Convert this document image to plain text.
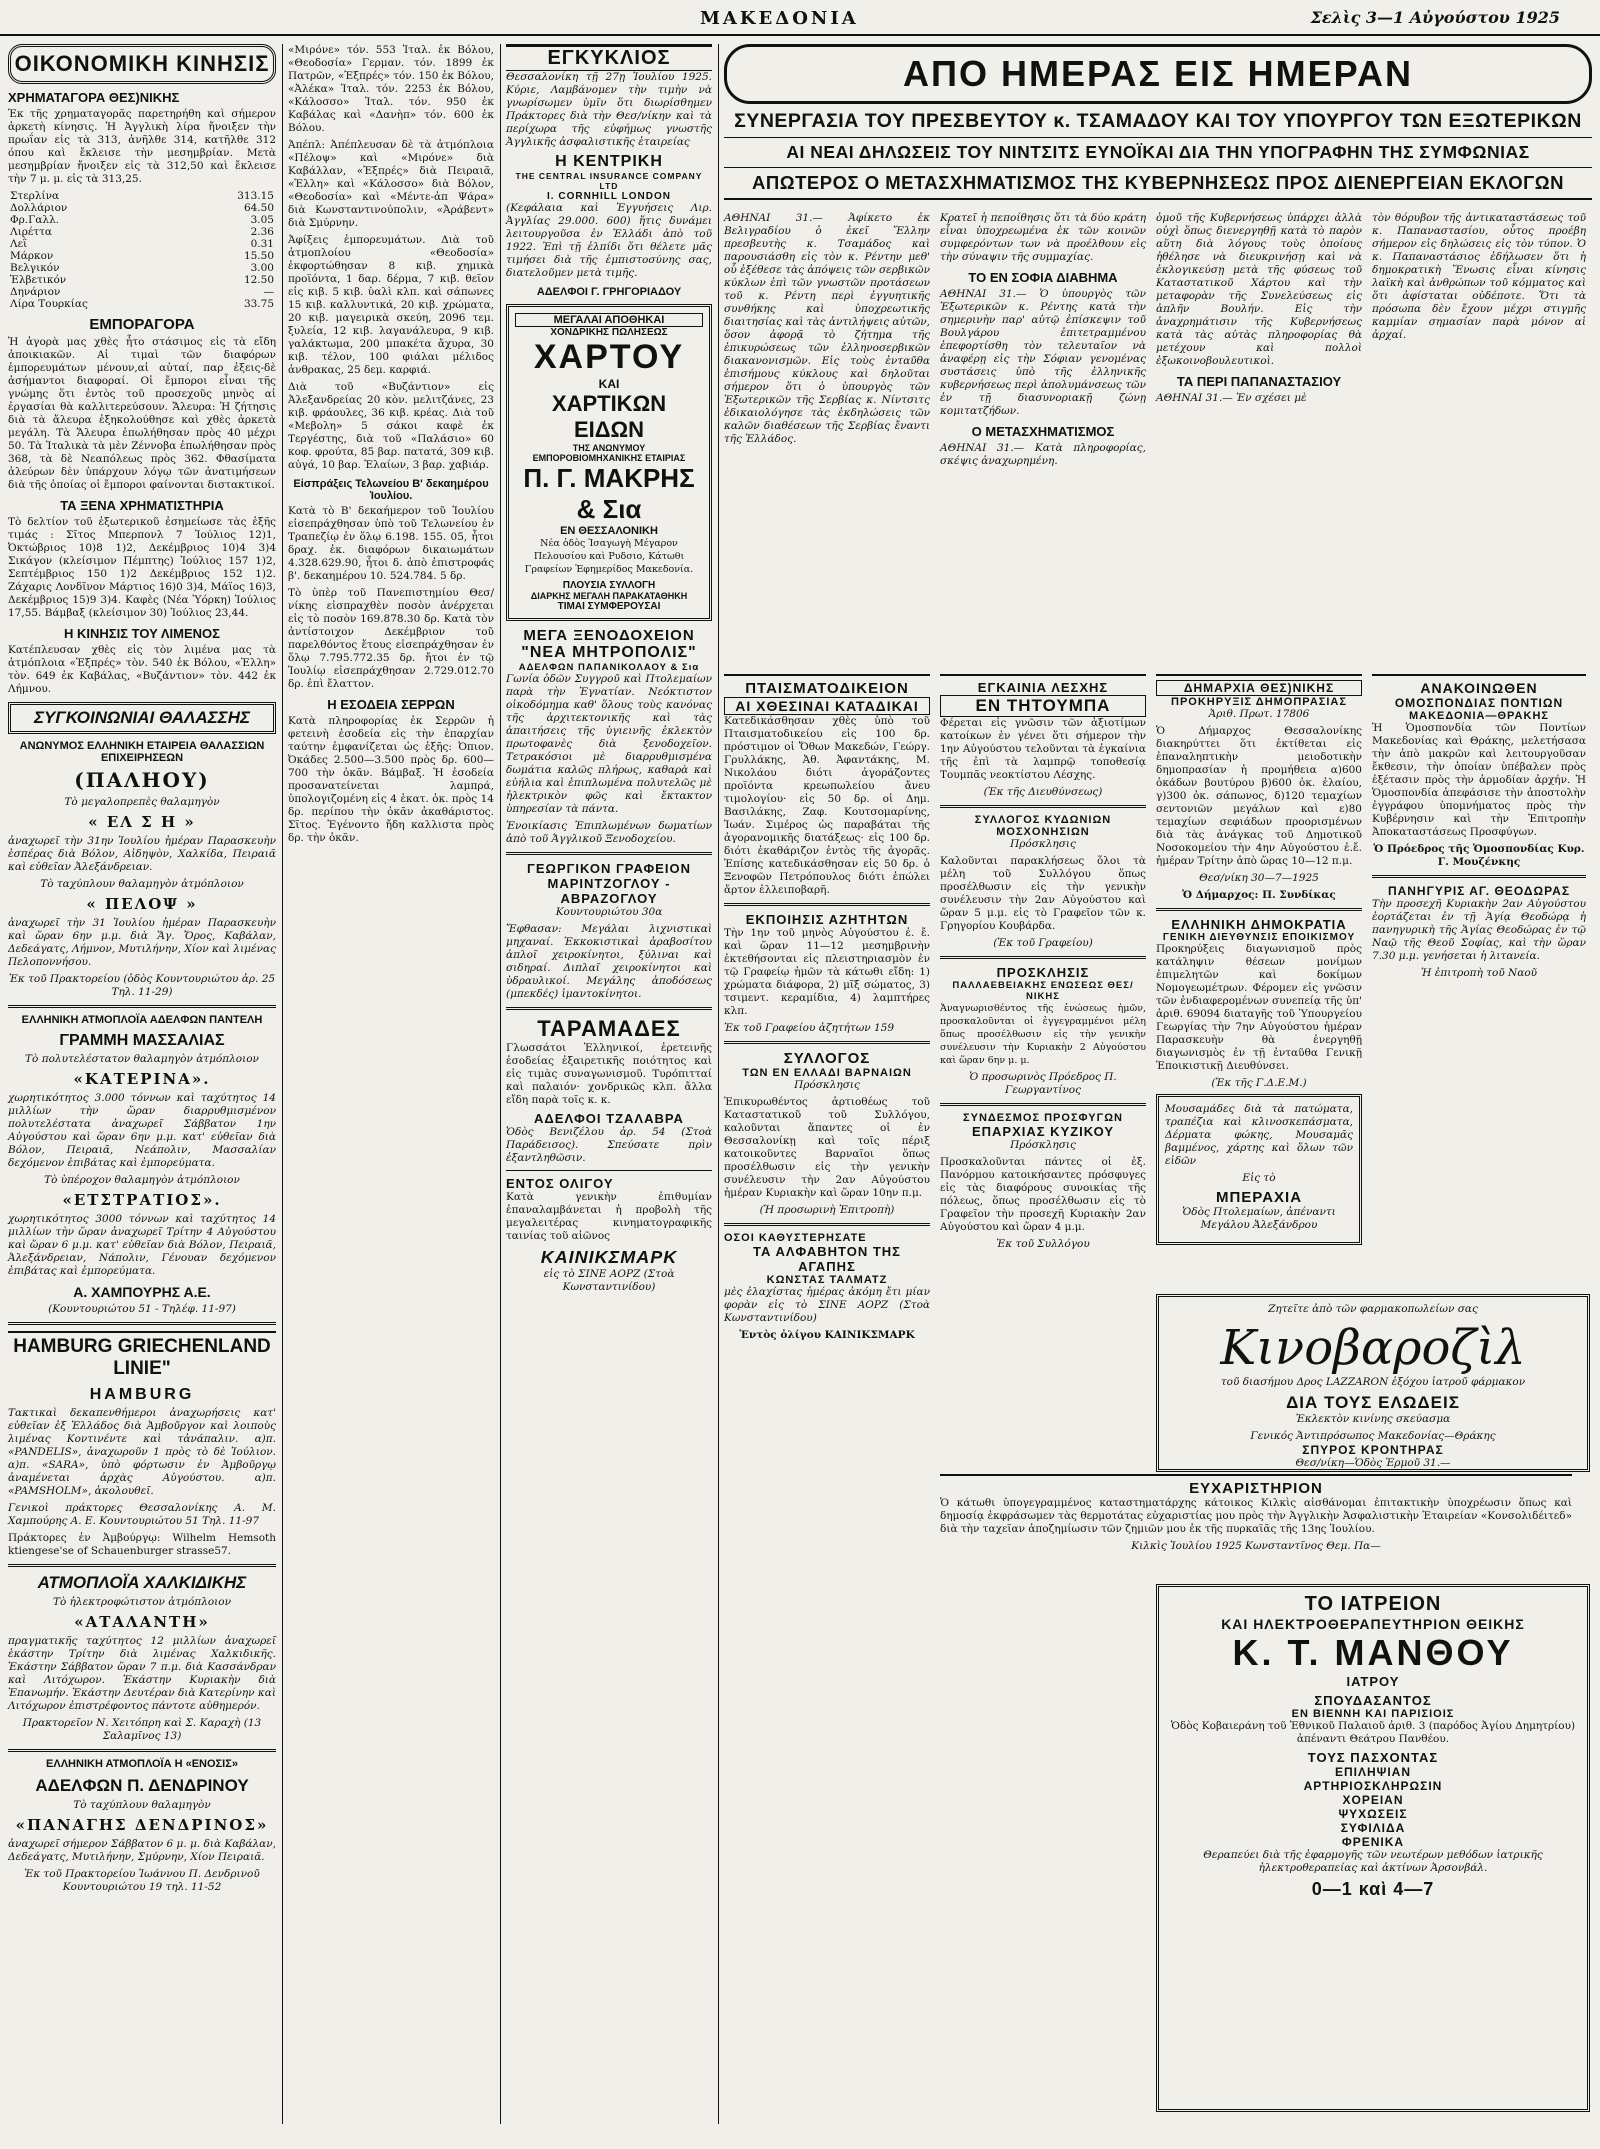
ΜΑΚΕΔΟΝΙΑ	Σελὶς 3—1 Αὐγούστου 1925
ΟΙΚΟΝΟΜΙΚΗ ΚΙΝΗΣΙΣ
ΧΡΗΜΑΤΑΓΟΡΑ ΘΕΣ)ΝΙΚΗΣ

Ἐκ τῆς χρηματαγορᾶς παρετηρήθη καὶ σήμερον ἀρκετὴ κίνησις. Ἡ Ἀγγλικὴ λίρα ἤνοιξεν τὴν πρωΐαν εἰς τὰ 313, ἀνῆλθε 314, κατῆλθε 312 όπου καὶ ἔκλεισε τὴν μεσημβρίαν. Μετὰ μεσημβρίαν ἤνοιξεν εἰς τὰ 312,50 καὶ ἔκλεισε τὴν 7 μ. μ. εἰς τὰ 313,25.

Στερλίνα	313.15
Δολλάριον	64.50
Φρ.Γαλλ.	3.05
Λιρέττα	2.36
Λεῒ	0.31
Μάρκον	15.50
Βελγικόν	3.00
Ἑλβετικόν	12.50
Δηνάριον	—
Λίρα Τουρκίας	33.75
ΕΜΠΟΡΑΓΟΡΑ

Ἡ ἀγορὰ μας χθὲς ἦτο στάσιμος εἰς τὰ εἴδη ἀποικιακῶν. Αἱ τιμαὶ τῶν διαφόρων ἐμπορευμάτων μένουν,αἱ αὐταί, παρ ἐξεις-δὲ ἀσήμαντοι διαφοραί. Οἱ ἔμποροι εἶναι τῆς γνώμης ὅτι ἐντὸς τοῦ προσεχοῦς μηνὸς αἱ ἐργασίαι θὰ καλλιτερεύσουν. Ἄλευρα: Ἡ ζήτησις διὰ τὰ ἄλευρα ἐξηκολούθησε καὶ χθὲς ἀρκετὰ μεγάλη. Τὰ Ἄλευρα ἐπωλήθησαν πρὸς 40 μέχρι 50. Τὰ Ἰταλικὰ τὰ μὲν Ζέννοβα ἐπωλήθησαν πρὸς 368, τὰ δὲ Νεαπόλεως πρὸς 362. Φθασίματα ἀλεύρων δὲν ὑπάρχουν λόγῳ τῶν ἀνατιμήσεων διὰ τῆς ὁποίας οἱ ἔμποροι φαίνονται διστακτικοί.

ΤΑ ΞΕΝΑ ΧΡΗΜΑΤΙΣΤΗΡΙΑ

Τὸ δελτίον τοῦ ἐξωτερικοῦ ἐσημείωσε τὰς ἑξῆς τιμάς : Σῖτος Μπερπονλ 7 Ἰούλιος 12)1, Ὀκτώβριος 10)8 1)2, Δεκέμβριος 10)4 3)4 Σικάγον (κλείσιμον Πέμπτης) Ἰούλιος 157 1)2, Σεπτέμβριος 150 1)2 Δεκέμβριος 152 1)2. Ζάχαρις Λονδῖνον Μάρτιος 16)0 3)4, Μάϊος 16)3, Δεκέμβριος 15)9 3)4. Καφὲς (Νέα Ὑόρκη) Ἰούλιος 17,55. Βάμβαξ (κλείσιμον 30) Ἰούλιος 23,44.

Η ΚΙΝΗΣΙΣ ΤΟΥ ΛΙΜΕΝΟΣ

Κατέπλευσαν χθὲς εἰς τὸν λιμένα μας τὰ ἀτμόπλοια «Ἐξπρές» τὸν. 540 ἐκ Βόλου, «Ἑλλη» τὸν. 649 ἐκ Καβάλας, «Βυζάντιον» τὸν. 442 ἐκ Λήμνου.

ΣΥΓΚΟΙΝΩΝΙΑΙ ΘΑΛΑΣΣΗΣ
ΑΝΩΝΥΜΟΣ ΕΛΛΗΝΙΚΗ ΕΤΑΙΡΕΙΑ ΘΑΛΑΣΣΙΩΝ ΕΠΙΧΕΙΡΗΣΕΩΝ
(ΠΑΛΗΟΥ)

Τὸ μεγαλοπρεπὲς θαλαμηγὸν

« ΕΛ Σ Η »

ἀναχωρεῖ τὴν 31ην Ἰουλίου ἡμέραν Παρασκευὴν ἑσπέρας διὰ Βόλον, Αἰδηψὸν, Χαλκίδα, Πειραιᾶ καὶ εὐθεῖαν Ἀλεξάνδρειαν.

Τὸ ταχύπλουν θαλαμηγὸν ἀτμόπλοιον

« ΠΕΛΟΨ »

ἀναχωρεῖ τὴν 31 Ἰουλίου ἡμέραν Παρασκευὴν καὶ ὥραν 6ην μ.μ. διὰ Ἅγ. Ὄρος, Καβάλαν, Δεδεάγατς, Λήμνον, Μυτιλήνην, Χίον καὶ λιμένας Πελοποννήσου.

Ἐκ τοῦ Πρακτορείου (ὁδὸς Κουντουριώτου ἀρ. 25 Τηλ. 11-29)

ΕΛΛΗΝΙΚΗ ΑΤΜΟΠΛΟΪΑ ΑΔΕΛΦΩΝ ΠΑΝΤΕΛΗ
ΓΡΑΜΜΗ ΜΑΣΣΑΛΙΑΣ

Τὸ πολυτελέστατον θαλαμηγὸν ἀτμόπλοιον

«ΚΑΤΕΡΙΝΑ».

χωρητικότητος 3.000 τόννων καὶ ταχύτητος 14 μιλλίων τὴν ὥραν διαρρυθμισμένον πολυτελέστατα ἀναχωρεῖ Σάββατον 1ην Αὐγούστου καὶ ὥραν 6ην μ.μ. κατ' εὐθεῖαν διὰ Βόλον, Πειραιᾶ, Νεάπολιν, Μασσαλίαν δεχόμενον ἐπιβάτας καὶ ἐμπορεύματα.

Τὸ ὑπέροχον θαλαμηγὸν ἀτμόπλοιον

«ΕΤΣΤΡΑΤΙΟΣ».

χωρητικότητος 3000 τόννων καὶ ταχύτητος 14 μιλλίων τὴν ὥραν ἀναχωρεῖ Τρίτην 4 Αὐγούστου καὶ ὥραν 6 μ.μ. κατ' εὐθεῖαν διὰ Βόλον, Πειραιᾶ, Ἀλεξάνδρειαν, Νάπολιν, Γένουαν δεχόμενον ἐπιβάτας καὶ ἐμπορεύματα.

Α. ΧΑΜΠΟΥΡΗΣ Α.Ε.

(Κουντουριώτου 51 - Τηλέφ. 11-97)

HAMBURG GRIECHENLAND LINIE"
HAMBURG

Τακτικαὶ δεκαπενθήμεροι ἀναχωρήσεις κατ' εὐθεῖαν ἐξ Ἑλλάδος διὰ Ἀμβοῦργον καὶ λοιποὺς λιμένας Κοντινέντε καὶ τἀνάπαλιν. α)π. «PANDELIS», ἀναχωροῦν 1 πρὸς τὸ δὲ Ἰούλιον. α)π. «SARA», ὑπὸ φόρτωσιν ἐν Ἀμβοῦργῳ ἀναμένεται ἀρχὰς Αὐγούστου. α)π. «PAMSHOLM», ἀκολουθεῖ.

Γενικοὶ πράκτορες Θεσσαλονίκης Α. Μ. Χαμπούρης Α. Ε. Κουντουριώτου 51 Τηλ. 11-97

Πράκτορες ἐν Ἀμβούργῳ: Wilhelm Hemsoth ktiengese'se of Schauenburger strasse57.

ΑΤΜΟΠΛΟΪΑ ΧΑΛΚΙΔΙΚΗΣ

Τὸ ἠλεκτροφώτιστον ἀτμόπλοιον

«ΑΤΑΛΑΝΤΗ»

πραγματικῆς ταχύτητος 12 μιλλίων ἀναχωρεῖ ἑκάστην Τρίτην διὰ λιμένας Χαλκιδικῆς. Ἑκάστην Σάββατον ὥραν 7 π.μ. διὰ Κασσάνδραν καὶ Λιτόχωρον. Ἑκάστην Κυριακὴν διὰ Ἐπανωμήν. Ἑκάστην Δευτέραν διὰ Κατερίνην καὶ Λιτόχωρον ἐπιστρέφοντος πάντοτε αὐθημερόν.

Πρακτορεῖον Ν. Χειτόπρη καὶ Σ. Καραχὴ (13 Σαλαμῖνος 13)

ΕΛΛΗΝΙΚΗ ΑΤΜΟΠΛΟΪΑ Η «ΕΝΟΣΙΣ»
ΑΔΕΛΦΩΝ Π. ΔΕΝΔΡΙΝΟΥ

Τὸ ταχύπλουν θαλαμηγὸν

«ΠΑΝΑΓΗΣ ΔΕΝΔΡΙΝΟΣ»

ἀναχωρεῖ σήμερον Σάββατον 6 μ. μ. διὰ Καβάλαν, Δεδεάγατς, Μυτιλήνην, Σμύρνην, Χίον Πειραιᾶ.

Ἐκ τοῦ Πρακτορείου Ἰωάννου Π. Δενδρινοῦ Κουντουριώτου 19 τηλ. 11-52

«Μιρόνε» τόν. 553 Ἰταλ. ἐκ Βόλου, «Θεοδοσία» Γερμαν. τόν. 1899 ἐκ Πατρῶν, «Ἐξπρές» τόν. 150 ἐκ Βόλου, «Ἀλέκα» Ἰταλ. τόν. 2253 ἐκ Βόλου, «Κάλοσσο» Ἰταλ. τόν. 950 ἐκ Καβάλας καὶ «Δανὴπ» τόν. 600 ἐκ Βόλου.

Ἀπέπλ: Ἀπέπλευσαν δὲ τὰ ἀτμόπλοια «Πέλοψ» καὶ «Μιρόνε» διὰ Καβάλλαν, «Ἐξπρές» διὰ Πειραιᾶ, «Ἑλλη» καὶ «Κάλοσσο» διὰ Βόλον, «Θεοδοσία» καὶ «Μέντε-ἀπ Ψάρα» διὰ Κωνσταντινούπολιν, «Ἀράβεντ» διὰ Σμύρνην.

Ἀφίξεις ἐμπορευμάτων. Διὰ τοῦ ἀτμοπλοίου «Θεοδοσία» ἐκφορτώθησαν 8 κιβ. χημικὰ προϊόντα, 1 δαρ. δέρμα, 7 κιβ. θεῖον εἰς κιβ. 5 κιβ. ὑαλὶ κλπ. καὶ σάπωνες 15 κιβ. καλλυντικά, 20 κιβ. χρώματα, 20 κιβ. μαγειρικὰ σκεύη, 2096 τεμ. ξυλεία, 12 κιβ. λαγανάλευρα, 9 κιβ. γαλάκτωμα, 200 μπακέτα ἄχυρα, 30 κιβ. τέλον, 100 φιάλαι μέλιδος ἀνθρακας, 25 δεμ. καρφιά.

Διὰ τοῦ «Βυζάντιον» εἰς Ἀλεξανδρείας 20 κὸν. μελιτζάνες, 23 κιβ. φράουλες, 36 κιβ. κρέας. Διὰ τοῦ «Μεβολη» 5 σάκοι καφὲ ἐκ Τεργέστης, διὰ τοῦ «Παλάσιο» 60 κοφ. φρούτα, 85 βαρ. πατατά, 309 κιβ. αὐγά, 10 βαρ. Ἐλαίων, 3 βαρ. χαβιάρ.

Εἰσπράξεις Τελωνείου Β' δεκαημέρου Ἰουλίου.

Κατὰ τὸ Β' δεκαήμερον τοῦ Ἰουλίου εἰσεπράχθησαν ὑπὸ τοῦ Τελωνείου ἐν Τραπεζίῳ ἐν ὅλῳ 6.198. 155. 05, ἦτοι δραχ. ἐκ. διαφόρων δικαιωμάτων 4.328.629.90, ἦτοι δ. ἀπὸ ἐπιστροφάς β'. δεκαημέρου 10. 524.784. 5 δρ.

Τὸ ὑπὲρ τοῦ Πανεπιστημίου Θεσ/νίκης εἰσπραχθὲν ποσὸν ἀνέρχεται εἰς τὸ ποσὸν 169.878.30 δρ. Κατὰ τὸν ἀντίστοιχον Δεκέμβριον τοῦ παρελθόντος ἔτους εἰσεπράχθησαν ἐν ὅλῳ 7.795.772.35 δρ. ἤτοι ἐν τῷ Ἰουλίῳ εἰσεπράχθησαν 2.729.012.70 δρ. ἐπὶ ἔλαττον.

Η ΕΣΟΔΕΙΑ ΣΕΡΡΩΝ

Κατὰ πληροφορίας ἐκ Σερρῶν ἡ φετεινὴ ἐσοδεία εἰς τὴν ἐπαρχίαν ταύτην ἐμφανίζεται ὡς ἑξῆς: Ὀπιον. Ὀκάδες 2.500—3.500 πρὸς δρ. 600—700 τὴν ὀκᾶν. Βάμβαξ. Ἡ ἐσοδεία προσανατείνεται λαμπρά, ὑπολογιζομένη εἰς 4 ἑκατ. ὀκ. πρὸς 14 δρ. περίπου τὴν ὀκᾶν ἀκαθάριστος. Σῖτος. Ἐγένοντο ἤδη καλλιστα πρὸς δρ. τὴν ὀκᾶν.

ΕΓΚΥΚΛΙΟΣ

Θεσσαλονίκη τῇ 27ῃ Ἰουλίου 1925. Κύριε, Λαμβάνομεν τὴν τιμὴν νὰ γνωρίσωμεν ὑμῖν ὅτι διωρίσθημεν Πράκτορες διὰ τὴν Θεσ/νίκην καὶ τὰ περίχωρα τῆς εὐφήμως γνωστῆς Ἀγγλικῆς ἀσφαλιστικῆς ἑταιρείας

Η ΚΕΝΤΡΙΚΗ
THE CENTRAL INSURANCE COMPANY LTD
I. CORNHILL LONDON

(Κεφάλαια καὶ Ἐγγυήσεις Λιρ. Ἀγγλίας 29.000. 600) ἥτις δυνάμει λειτουργοῦσα ἐν Ἑλλάδι ἀπὸ τοῦ 1922. Ἐπὶ τῇ ἐλπίδι ὅτι θέλετε μᾶς τιμήσει διὰ τῆς ἐμπιστοσύνης σας, διατελοῦμεν μετὰ τιμῆς.

ΑΔΕΛΦΟΙ Γ. ΓΡΗΓΟΡΙΑΔΟΥ
ΜΕΓΑΛΑΙ ΑΠΟΘΗΚΑΙ
ΧΟΝΔΡΙΚΗΣ ΠΩΛΗΣΕΩΣ
ΧΑΡΤΟΥ
ΚΑΙ
ΧΑΡΤΙΚΩΝ ΕΙΔΩΝ
ΤΗΣ ΑΝΩΝΥΜΟΥ
ΕΜΠΟΡΟΒΙΟΜΗΧΑΝΙΚΗΣ ΕΤΑΙΡΙΑΣ
Π. Γ. ΜΑΚΡΗΣ & Σια
ΕΝ ΘΕΣΣΑΛΟΝΙΚΗ

Νέα ὁδὸς Ἰσαγωγὴ Μέγαρον Πελουσίου καὶ Ρυδσιο, Κάτωθι Γραφείων Ἐφημερίδος Μακεδονία.

ΠΛΟΥΣΙΑ ΣΥΛΛΟΓΗ
ΔΙΑΡΚΗΣ ΜΕΓΑΛΗ ΠΑΡΑΚΑΤΑΘΗΚΗ
ΤΙΜΑΙ ΣΥΜΦΕΡΟΥΣΑΙ
ΜΕΓΑ ΞΕΝΟΔΟΧΕΙΟΝ
"ΝΕΑ ΜΗΤΡΟΠΟΛΙΣ"
ΑΔΕΛΦΩΝ ΠΑΠΑΝΙΚΟΛΑΟΥ & Σια

Γωνία ὁδῶν Συγγροῦ καὶ Πτολεμαίων παρὰ τὴν Ἐγνατίαν. Νεόκτιστον οἰκοδόμημα καθ' ὅλους τοὺς κανόνας τῆς ἀρχιτεκτονικῆς καὶ τὰς ἀπαιτήσεις τῆς ὑγιεινῆς ἐκλεκτὸν πρωτοφανὲς διὰ ξενοδοχεῖον. Τετρακόσιοι μὲ διαρρυθμισμένα δωμάτια καλῶς πλήρως, καθαρὰ καὶ εὐήλια καὶ ἐπιπλωμένα πολυτελῶς μὲ ἠλεκτρικὸν φῶς καὶ ἔκτακτον ὑπηρεσίαν τὰ πάντα.

Ἐνοικίασις Ἐπιπλωμένων δωματίων ἀπὸ τοῦ Ἀγγλικοῦ Ξενοδοχείου.

ΓΕΩΡΓΙΚΟΝ ΓΡΑΦΕΙΟΝ
ΜΑΡΙΝΤΖΟΓΛΟΥ - ΑΒΡΑΖΟΓΛΟΥ

Κουντουριώτου 30α

Ἔφθασαν: Μεγάλαι λιχνιστικαὶ μηχαναί. Ἐκκοκιστικαὶ ἀραβοσίτου ἀπλοῖ χειροκίνητοι, ξύλιναι καὶ σιδηραί. Διπλαῖ χειροκίνητοι καὶ ὑδραυλικοί. Μεγάλης ἀποδόσεως (μπεκδές) ἱμαντοκίνητοι.

ΤΑΡΑΜΑΔΕΣ

Γλωσσάτοι Ἑλληνικοί, ἐρετεινῆς ἐσοδείας ἐξαιρετικῆς ποιότητος καὶ εἰς τιμὰς συναγωνισμοῦ. Τυρόπιτταί καὶ παλαιόν· χονδρικῶς κλπ. ἄλλα εἴδη παρὰ τοῖς κ. κ.

ΑΔΕΛΦΟΙ ΤΖΑΛΑΒΡΑ

Ὁδὸς Βενιζέλου ἀρ. 54 (Στοὰ Παράδεισος). Σπεύσατε πρὶν ἐξαντληθῶσιν.

ΕΝΤΟΣ ΟΛΙΓΟΥ

Κατὰ γενικὴν ἐπιθυμίαν ἐπαναλαμβάνεται ἡ προβολὴ τῆς μεγαλειτέρας κινηματογραφικῆς ταινίας τοῦ αἰῶνος

ΚΑΙΝΙΚΣΜΑΡΚ

εἰς τὸ ΣΙΝΕ ΑΟΡΖ (Στοὰ Κωνσταντινίδου)

ΑΠΟ ΗΜΕΡΑΣ ΕΙΣ ΗΜΕΡΑΝ
ΣΥΝΕΡΓΑΣΙΑ ΤΟΥ ΠΡΕΣΒΕΥΤΟΥ κ. ΤΣΑΜΑΔΟΥ ΚΑΙ ΤΟΥ ΥΠΟΥΡΓΟΥ ΤΩΝ ΕΞΩΤΕΡΙΚΩΝ
ΑΙ ΝΕΑΙ ΔΗΛΩΣΕΙΣ ΤΟΥ ΝΙΝΤΣΙΤΣ ΕΥΝΟΪΚΑΙ ΔΙΑ ΤΗΝ ΥΠΟΓΡΑΦΗΝ ΤΗΣ ΣΥΜΦΩΝΙΑΣ
ΑΠΩΤΕΡΟΣ Ο ΜΕΤΑΣΧΗΜΑΤΙΣΜΟΣ ΤΗΣ ΚΥΒΕΡΝΗΣΕΩΣ ΠΡΟΣ ΔΙΕΝΕΡΓΕΙΑΝ ΕΚΛΟΓΩΝ

ΑΘΗΝΑΙ 31.— Ἀφίκετο ἐκ Βελιγραδίου ὁ ἐκεῖ Ἕλλην πρεσβευτὴς κ. Τσαμάδος καὶ παρουσιάσθη εἰς τὸν κ. Ρέντην μεθ' οὗ ἐξέθεσε τὰς ἀπόψεις τῶν σερβικῶν κύκλων ἐπὶ τῶν γνωστῶν προτάσεων τοῦ κ. Ρέντη περὶ ἐγγυητικῆς συνθήκης καὶ ὑποχρεωτικῆς διαιτησίας καὶ τὰς ἀντιλήψεις αὐτῶν, ὅσον ἀφορᾷ τὸ ζήτημα τῆς ἐπικυρώσεως τῶν ἑλληνοσερβικῶν διακανονισμῶν. Εἰς τοὺς ἐνταῦθα ἐπισήμους κύκλους καὶ δηλοῦται σήμερον ὅτι ὁ ὑπουργὸς τῶν Ἐξωτερικῶν τῆς Σερβίας κ. Νίντσιτς ἐδικαιολόγησε τὰς ἐκδηλώσεις τῶν καλῶν διαθέσεων τῆς Σερβίας ἔναντι τῆς Ἑλλάδος.

Κρατεῖ ἡ πεποίθησις ὅτι τὰ δύο κράτη εἶναι ὑποχρεωμένα ἐκ τῶν κοινῶν συμφερόντων των νὰ προέλθουν εἰς τὴν σύναψιν τῆς συμμαχίας.

ΤΟ ΕΝ ΣΟΦΙΑ ΔΙΑΒΗΜΑ

ΑΘΗΝΑΙ 31.— Ὁ ὑπουργὸς τῶν Ἐξωτερικῶν κ. Ρέντης κατὰ τὴν σημερινὴν παρ' αὐτῷ ἐπίσκεψιν τοῦ Βουλγάρου ἐπιτετραμμένου ἐπεφορτίσθη τὸν τελευταῖον νὰ ἀναφέρῃ εἰς τὴν Σόφιαν γενομένας συστάσεις ὑπὸ τῆς ἑλληνικῆς κυβερνήσεως περὶ ἀπολυμάνσεως τῶν ἐν τῇ διασυνοριακῇ ζώνῃ κομιτατζήδων.

Ο ΜΕΤΑΣΧΗΜΑΤΙΣΜΟΣ

ΑΘΗΝΑΙ 31.— Κατὰ πληροφορίας, σκέψις ἀναχωρημένη.

ὁμοῦ τῆς Κυβερνήσεως ὑπάρχει ἀλλὰ οὐχὶ ὅπως διενεργηθῇ κατὰ τὸ παρὸν αὕτη διὰ λόγους τοὺς ὁποίους ἠθέλησε νὰ διευκρινήσῃ καὶ νὰ ἐκλογικεύσῃ μετὰ τῆς φύσεως τοῦ Καταστατικοῦ Χάρτου καὶ τὴν μεταφορὰν τῆς Συνελεύσεως εἰς ἀπλῆν Βουλήν. Εἰς τὴν ἀναχρημάτισιν τῆς Κυβερνήσεως κατὰ τὰς αὐτὰς πληροφορίας θὰ μετέχουν καὶ πολλοὶ ἐξωκοινοβουλευτικοὶ.

ΤΑ ΠΕΡΙ ΠΑΠΑΝΑΣΤΑΣΙΟΥ

ΑΘΗΝΑΙ 31.— Ἐν σχέσει μὲ

τὸν θόρυβον τῆς ἀντικαταστάσεως τοῦ κ. Παπαναστασίου, οὗτος προέβη σήμερον εἰς δηλώσεις εἰς τὸν τύπον. Ὁ κ. Παπαναστάσιος ἐδήλωσεν ὅτι ἡ δημοκρατικὴ Ἕνωσις εἶναι κίνησις λαϊκὴ καὶ ἀνθρώπων τοῦ κόμματος καὶ ὅτι ἀφίσταται οὐδέποτε. Ὅτι τὰ πρόσωπα δὲν ἔχουν μέχρι στιγμῆς καμμίαν σημασίαν παρὰ μόνον αἱ ἀρχαί.

ΠΤΑΙΣΜΑΤΟΔΙΚΕΙΟΝ
ΑΙ ΧΘΕΣΙΝΑΙ ΚΑΤΑΔΙΚΑΙ

Κατεδικάσθησαν χθὲς ὑπὸ τοῦ Πταισματοδικείου εἰς 100 δρ. πρόστιμον οἱ Ὄθων Μακεδών, Γεώργ. Γρυλλάκης, Ἀθ. Ἀφαντάκης, Μ. Νικολάου διότι ἀγοράζοντες προϊόντα κρεωπωλείου ἄνευ τιμολογίου· εἰς 50 δρ. οἱ Δημ. Βασιλάκης, Ζαφ. Κουτσομαρίνης, Ἰωάν. Σιμέρος ὡς παραβάται τῆς ἀγορανομικῆς διατάξεως· εἰς 100 δρ. διότι ἐκαθάριζον ἐντὸς τῆς ἀγορᾶς. Ἐπίσης κατεδικάσθησαν εἰς 50 δρ. ὁ Ξενοφῶν Πετρόπουλος διότι ἐπώλει ἄρτον ἐλλειποβαρῆ.

ΕΚΠΟΙΗΣΙΣ ΑΖΗΤΗΤΩΝ

Τὴν 1ην τοῦ μηνὸς Αὐγούστου ἐ. ἔ. καὶ ὥραν 11—12 μεσημβρινὴν ἐκτεθήσονται εἰς πλειστηριασμὸν ἐν τῷ Γραφείῳ ἡμῶν τὰ κάτωθι εἴδη: 1) χρώματα διάφορα, 2) μῖξ σώματος, 3) τσιμεντ. κεραμίδια, 4) λαμπτήρες κλπ.

Ἐκ τοῦ Γραφείου ἀζητήτων 159

ΣΥΛΛΟΓΟΣ
ΤΩΝ ΕΝ ΕΛΛΑΔΙ ΒΑΡΝΑΙΩΝ

Πρόσκλησις

Ἐπικυρωθέντος ἀρτιοθέως τοῦ Καταστατικοῦ τοῦ Συλλόγου, καλοῦνται ἅπαντες οἱ ἐν Θεσσαλονίκῃ καὶ τοῖς πέριξ κατοικοῦντες Βαρναῖοι ὅπως προσέλθωσιν εἰς τὴν γενικὴν συνέλευσιν τὴν 2αν Αὐγούστου ἡμέραν Κυριακὴν καὶ ὥραν 10ην π.μ.

(Ἡ προσωρινὴ Ἐπιτροπὴ)

ΟΣΟΙ ΚΑΘΥΣΤΕΡΗΣΑΤΕ
ΤΑ ΑΛΦΑΒΗΤΟΝ ΤΗΣ ΑΓΑΠΗΣ
ΚΩΝΣΤΑΣ ΤΑΛΜΑΤΖ

μὲς ἐλαχίστας ἡμέρας ἀκόμη ἔτι μίαν φορὰν εἰς τὸ ΣΙΝΕ ΑΟΡΖ (Στοὰ Κωνσταντινίδου)

Ἐντὸς ὀλίγου ΚΑΙΝΙΚΣΜΑΡΚ

ΕΓΚΑΙΝΙΑ ΛΕΣΧΗΣ
ΕΝ ΤΗΤΟΥΜΠΑ

Φέρεται εἰς γνῶσιν τῶν ἀξιοτίμων κατοίκων ἐν γένει ὅτι σήμερον τὴν 1ην Αὐγούστου τελοῦνται τὰ ἐγκαίνια τῆς ἐπὶ τὰ λαμπρῷ τοποθεσίᾳ Τουμπᾶς νεοκτίστου Λέσχης.

(Ἐκ τῆς Διευθύνσεως)

ΣΥΛΛΟΓΟΣ ΚΥΔΩΝΙΩΝ ΜΟΣΧΟΝΗΣΙΩΝ

Πρόσκλησις

Καλοῦνται παρακλήσεως ὅλοι τὰ μέλη τοῦ Συλλόγου ὅπως προσέλθωσιν εἰς τὴν γενικὴν συνέλευσιν τὴν 2αν Αὐγούστου καὶ ὥραν 5 μ.μ. εἰς τὸ Γραφεῖον τῶν κ. Γρηγορίου Κουβάρδα.

(Ἐκ τοῦ Γραφείου)

ΠΡΟΣΚΛΗΣΙΣ
ΠΑΛΛΑΕΒΕΙΑΚΗΣ ΕΝΩΣΕΩΣ ΘΕΣ/ΝΙΚΗΣ

Ἀναγνωρισθέντος τῆς ἑνώσεως ἡμῶν, προσκαλοῦνται οἱ ἐγγεγραμμένοι μέλη ὅπως προσέλθωσιν εἰς τὴν γενικὴν συνέλευσιν τὴν Κυριακὴν 2 Αὐγούστου καὶ ὥραν 6ην μ. μ.

Ὁ προσωρινὸς Πρόεδρος Π. Γεωργαντίνος

ΣΥΝΔΕΣΜΟΣ ΠΡΟΣΦΥΓΩΝ
ΕΠΑΡΧΙΑΣ ΚΥΖΙΚΟΥ

Πρόσκλησις

Προσκαλοῦνται πάντες οἱ ἐξ. Πανόρμου κατοικήσαντες πρόσφυγες εἰς τὰς διαφόρους συνοικίας τῆς πόλεως, ὅπως προσέλθωσιν εἰς τὸ Γραφεῖον τὴν προσεχῆ Κυριακὴν 2αν Αὐγούστου καὶ ὥραν 4 μ.μ.

Ἐκ τοῦ Συλλόγου

ΔΗΜΑΡΧΙΑ ΘΕΣ)ΝΙΚΗΣ
ΠΡΟΚΗΡΥΞΙΣ ΔΗΜΟΠΡΑΣΙΑΣ

Ἀριθ. Πρωτ. 17806

Ὁ Δήμαρχος Θεσσαλονίκης διακηρύττει ὅτι ἐκτίθεται εἰς ἐπαναληπτικὴν μειοδοτικὴν δημοπρασίαν ἡ προμήθεια α)600 ὀκάδων βουτύρου β)600 ὀκ. ἐλαίου, γ)300 ὀκ. σάπωνος, δ)120 τεμαχίων σεντονιῶν μεγάλων καὶ ε)80 τεμαχίων σεφιάδων προορισμένων διὰ τὰς ἀνάγκας τοῦ Δημοτικοῦ Νοσοκομείου τὴν 4ην Αὐγούστου ἐ.ἔ. ἡμέραν Τρίτην ἀπὸ ὥρας 10—12 π.μ.

Θεσ/νίκη 30—7—1925

Ὁ Δήμαρχος: Π. Συνδίκας

ΕΛΛΗΝΙΚΗ ΔΗΜΟΚΡΑΤΙΑ
ΓΕΝΙΚΗ ΔΙΕΥΘΥΝΣΙΣ ΕΠΟΙΚΙΣΜΟΥ

Προκηρύξεις διαγωνισμοῦ πρὸς κατάληψιν θέσεων μονίμων ἐπιμελητῶν καὶ δοκίμων Νομογεωμέτρων. Φέρομεν εἰς γνῶσιν τῶν ἐνδιαφερομένων συνεπείᾳ τῆς ὑπ' ἀριθ. 69094 διαταγῆς τοῦ Ὑπουργείου Γεωργίας τὴν 7ην Αὐγούστου ἡμέραν Παρασκευὴν θὰ ἐνεργηθῇ διαγωνισμὸς ἐν τῇ ἐνταῦθα Γενικῇ Ἐποικιστικῇ Διευθύνσει.

(Ἐκ τῆς Γ.Δ.Ε.Μ.)

Μουσαμάδες διὰ τὰ πατώματα, τραπέζια καὶ κλινοσκεπάσματα, Δέρματα φώκης, Μουσαμᾶς βαμμένος, χάρτης καὶ ὅλων τῶν εἰδῶν

Εἰς τὸ
ΜΠΕΡΑΧΙΑ

Ὁδὸς Πτολεμαίων, ἀπέναντι Μεγάλου Ἀλεξάνδρου

ΑΝΑΚΟΙΝΩΘΕΝ
ΟΜΟΣΠΟΝΔΙΑΣ ΠΟΝΤΙΩΝ
ΜΑΚΕΔΟΝΙΑ—ΘΡΑΚΗΣ

Ἡ Ὁμοσπονδία τῶν Ποντίων Μακεδονίας καὶ Θράκης, μελετήσασα τὴν ἀπὸ μακρῶν καὶ λειτουργοῦσαν ἔκθεσιν, τὴν ὁποίαν ὑπέβαλεν πρὸς ἐξέτασιν πρὸς τὴν ἀρμοδίαν ἀρχήν. Ἡ Ὁμοσπονδία ἀπεφάσισε τὴν ἀποστολὴν ἐγγράφου ὑπομνήματος πρὸς τὴν Κυβέρνησιν καὶ τὴν Ἐπιτροπὴν Ἀποκαταστάσεως Προσφύγων.

Ὁ Πρόεδρος τῆς Ὁμοσπονδίας Κυρ. Γ. Μουζένκης

ΠΑΝΗΓΥΡΙΣ ΑΓ. ΘΕΟΔΩΡΑΣ

Τὴν προσεχῆ Κυριακὴν 2αν Αὐγούστου ἑορτάζεται ἐν τῇ Ἁγίᾳ Θεοδώρᾳ ἡ πανηγυρικὴ τῆς Ἁγίας Θεοδώρας ἐν τῷ Ναῷ τῆς Θεοῦ Σοφίας, καὶ τὴν ὥραν 7.30 μ.μ. γενήσεται ἡ λιτανεία.

Ἡ ἐπιτροπὴ τοῦ Ναοῦ

Ζητεῖτε ἀπὸ τῶν φαρμακοπωλείων σας

Κινοβαροζὶλ

τοῦ διασήμου Δρος LAZZARON ἐξόχου ἰατροῦ φάρμακον

ΔΙΑ ΤΟΥΣ ΕΛΩΔΕΙΣ

Ἐκλεκτὸν κινίνης σκεύασμα

Γενικός Ἀντιπρόσωπος Μακεδονίας—Θράκης

ΣΠΥΡΟΣ ΚΡΟΝΤΗΡΑΣ

Θεσ/νίκη—Ὁδὸς Ἑρμοῦ 31.—

ΕΥΧΑΡΙΣΤΗΡΙΟΝ

Ὁ κάτωθι ὑπογεγραμμένος καταστηματάρχης κάτοικος Κιλκὶς αἰσθάνομαι ἐπιτακτικὴν ὑποχρέωσιν ὅπως καὶ δημοσίᾳ ἐκφράσωμεν τὰς θερμοτάτας εὐχαριστίας μου πρὸς τὴν Ἀγγλικὴν Ἀσφαλιστικὴν Ἑταιρείαν «Κονσολιδέιτεδ» διὰ τὴν ταχεῖαν ἀποζημίωσιν τῶν ζημιῶν μου ἐκ τῆς πυρκαϊᾶς τῆς 13ης Ἰουλίου.

Κιλκὶς Ἰουλίου 1925 Κωνσταντῖνος Θεμ. Πα—

ΤΟ ΙΑΤΡΕΙΟΝ
ΚΑΙ ΗΛΕΚΤΡΟΘΕΡΑΠΕΥΤΗΡΙΟΝ ΘΕΙΚΗΣ
Κ. Τ. ΜΑΝΘΟΥ
ΙΑΤΡΟΥ
ΣΠΟΥΔΑΣΑΝΤΟΣ
ΕΝ ΒΙΕΝΝΗ ΚΑΙ ΠΑΡΙΣΙΟΙΣ

Ὁδὸς Κοβαιεράνη τοῦ Ἐθνικοῦ Παλαιοῦ ἀριθ. 3 (παρόδος Ἀγίου Δημητρίου) ἀπέναντι Θεάτρου Πανθέου.

ΤΟΥΣ ΠΑΣΧΟΝΤΑΣ
ΕΠΙΛΗΨΙΑΝ
ΑΡΤΗΡΙΟΣΚΛΗΡΩΣΙΝ
ΧΟΡΕΙΑΝ
ΨΥΧΩΣΕΙΣ
ΣΥΦΙΛΙΔΑ
ΦΡΕΝΙΚΑ

Θεραπεύει διὰ τῆς ἐφαρμογῆς τῶν νεωτέρων μεθόδων ἰατρικῆς ἠλεκτροθεραπείας καὶ ἀκτίνων Ἀρσονβάλ.

0—1 καὶ 4—7
